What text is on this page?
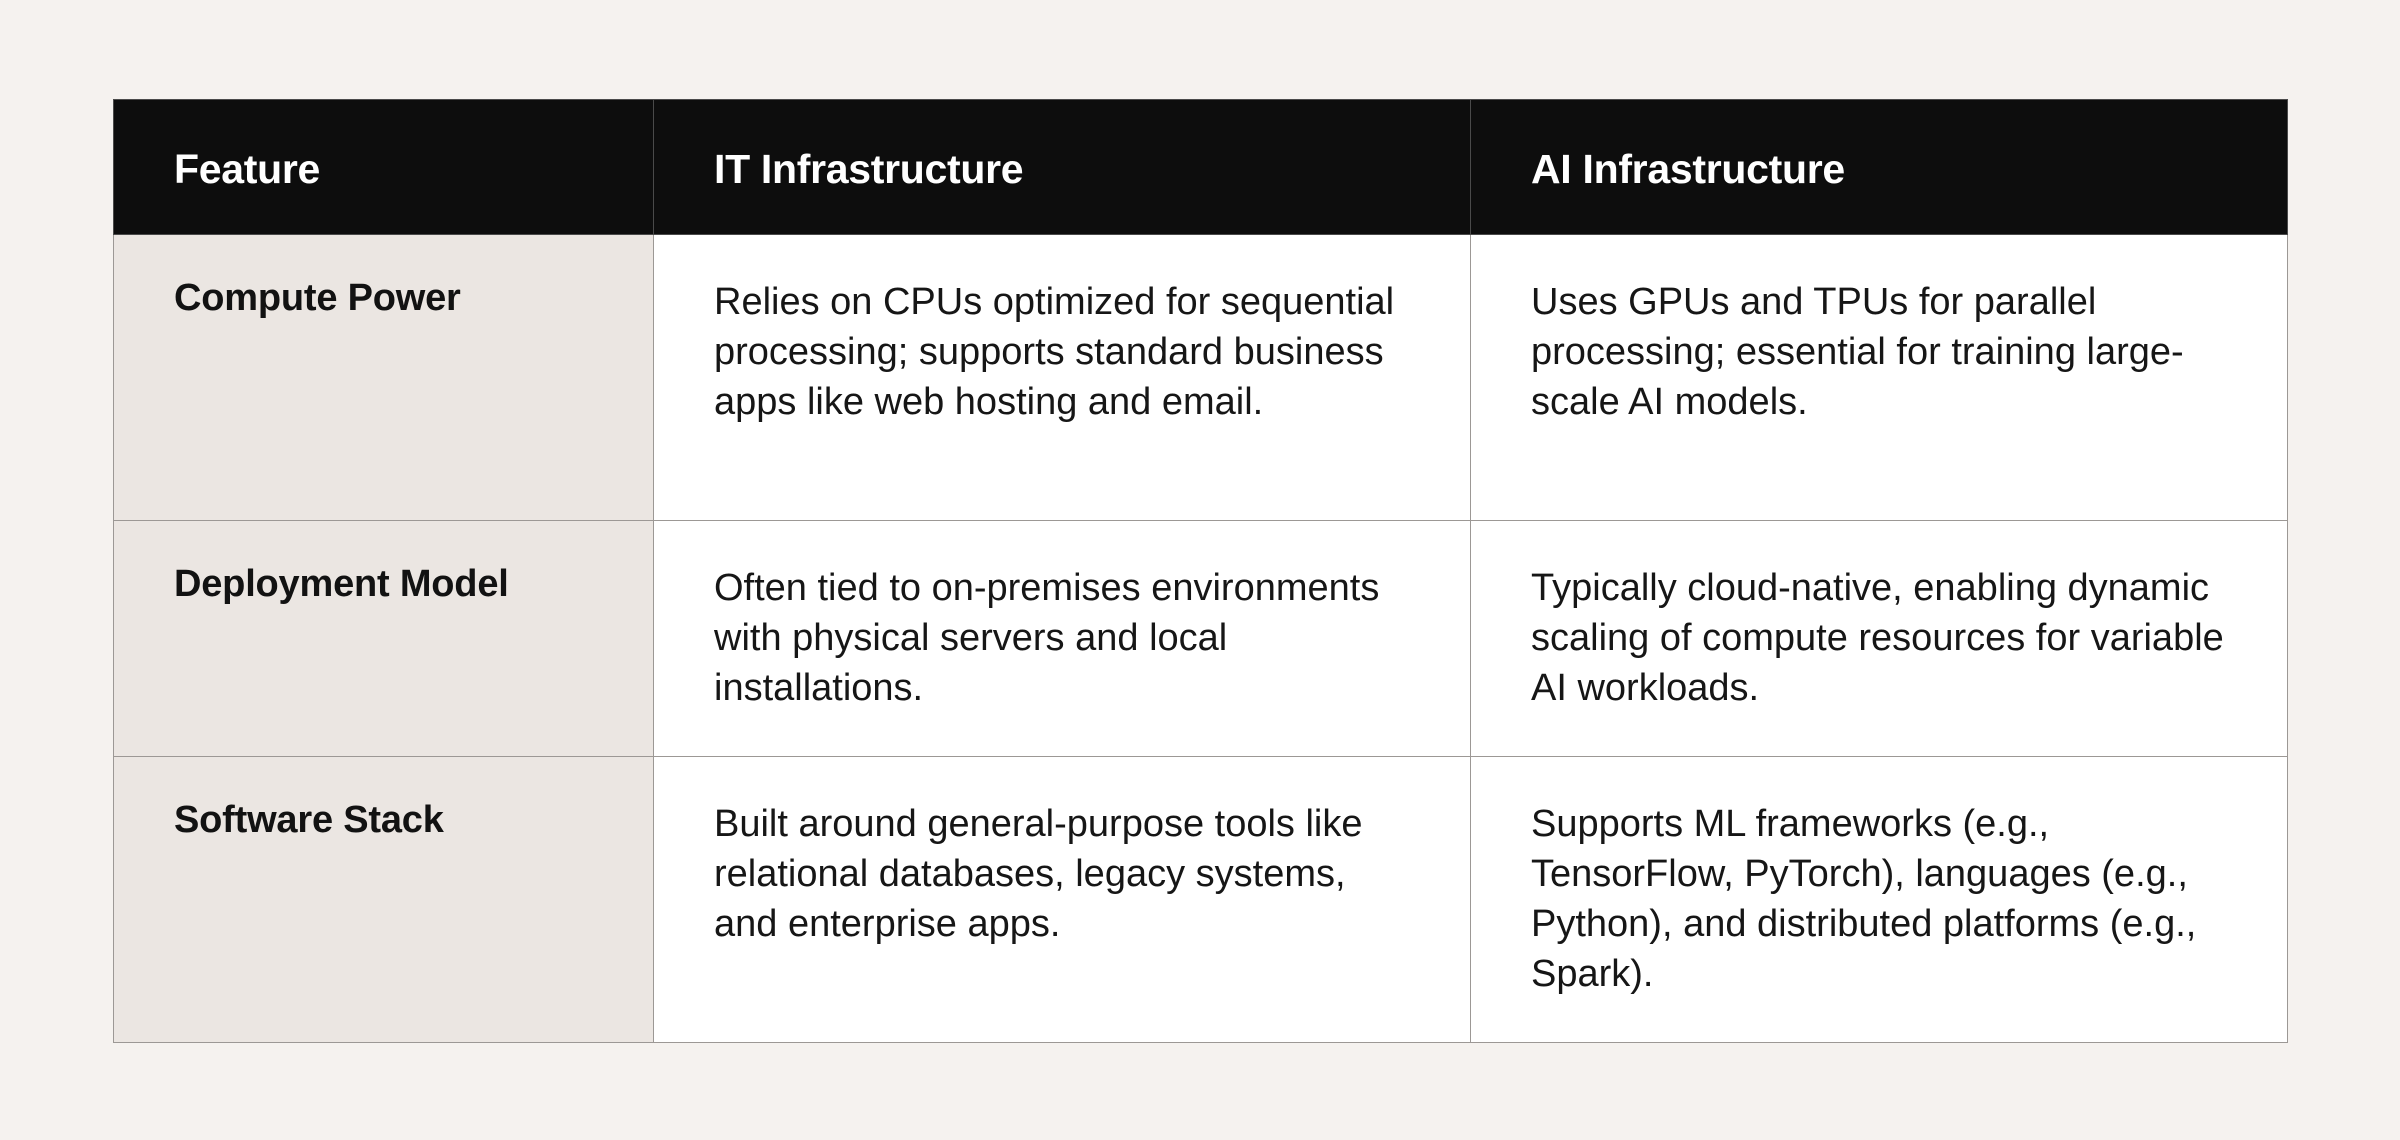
Feature	IT Infrastructure	AI Infrastructure
Compute Power	Relies on CPUs optimized for sequential processing; supports standard business apps like web hosting and email.	Uses GPUs and TPUs for parallel processing; essential for training large-scale AI models.
Deployment Model	Often tied to on-premises environments with physical servers and local installations.	Typically cloud-native, enabling dynamic scaling of compute resources for variable AI workloads.
Software Stack	Built around general-purpose tools like relational databases, legacy systems, and enterprise apps.	Supports ML frameworks (e.g., TensorFlow, PyTorch), languages (e.g., Python), and distributed platforms (e.g., Spark).
